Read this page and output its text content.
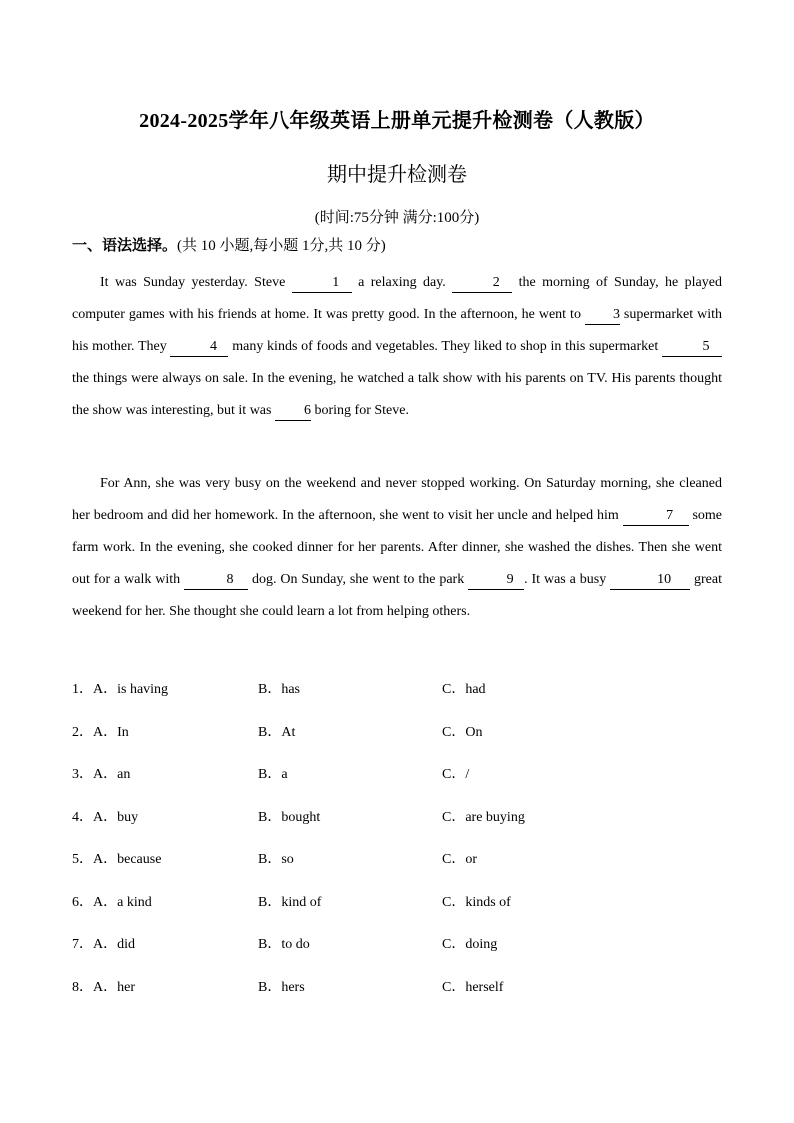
2024-2025学年八年级英语上册单元提升检测卷（人教版）
期中提升检测卷
(时间:75分钟 满分:100分)
一、语法选择。(共 10 小题,每小题 1分,共 10 分)

It was Sunday yesterday. Steve	1 a relaxing day.	2 the morning of Sunday, he played computer games with his friends at home. It was pretty good. In the afternoon, he went to 3 supermarket with his mother. They	4 many kinds of foods and vegetables. They liked to shop in this supermarket	5 the things were always on sale. In the evening, he watched a talk show with his parents on TV. His parents thought the show was interesting, but it was 6 boring for Steve.

For Ann, she was very busy on the weekend and never stopped working. On Saturday morning, she cleaned her bedroom and did her homework. In the afternoon, she went to visit her uncle and helped him	7 some farm work. In the evening, she cooked dinner for her parents. After dinner, she washed the dishes. Then she went out for a walk with	8 dog. On Sunday, she went to the park	9 . It was a busy	10 great weekend for her. She thought she could learn a lot from helping others.

1．A．is having	B．has	C．had
2．A．In	B．At	C．On
3．A．an	B．a	C．/
4．A．buy	B．bought	C．are buying
5．A．because	B．so	C．or
6．A．a kind	B．kind of	C．kinds of
7．A．did	B．to do	C．doing
8．A．her	B．hers	C．herself
